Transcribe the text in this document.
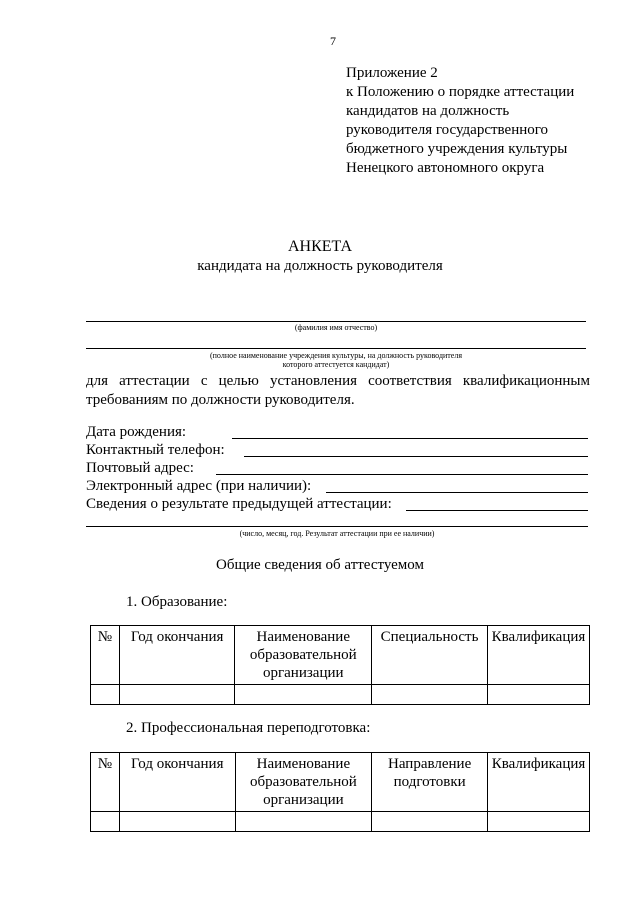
7
Приложение 2
к Положению о порядке аттестации
кандидатов на должность
руководителя государственного
бюджетного учреждения культуры
Ненецкого автономного округа
АНКЕТА
кандидата на должность руководителя
(фамилия имя отчество)
(полное наименование учреждения культуры, на должность руководителя
которого аттестуется кандидат)
для аттестации с целью установления соответствия квалификационным требованиям по должности руководителя.
Дата рождения:
Контактный телефон:
Почтовый адрес:
Электронный адрес (при наличии):
Сведения о результате предыдущей аттестации:
(число, месяц, год. Результат аттестации при ее наличии)
Общие сведения об аттестуемом
1. Образование:
№	Год окончания	Наименование образовательной организации	Специальность	Квалификация

2. Профессиональная переподготовка:
№	Год окончания	Наименование образовательной организации	Направление подготовки	Квалификация
